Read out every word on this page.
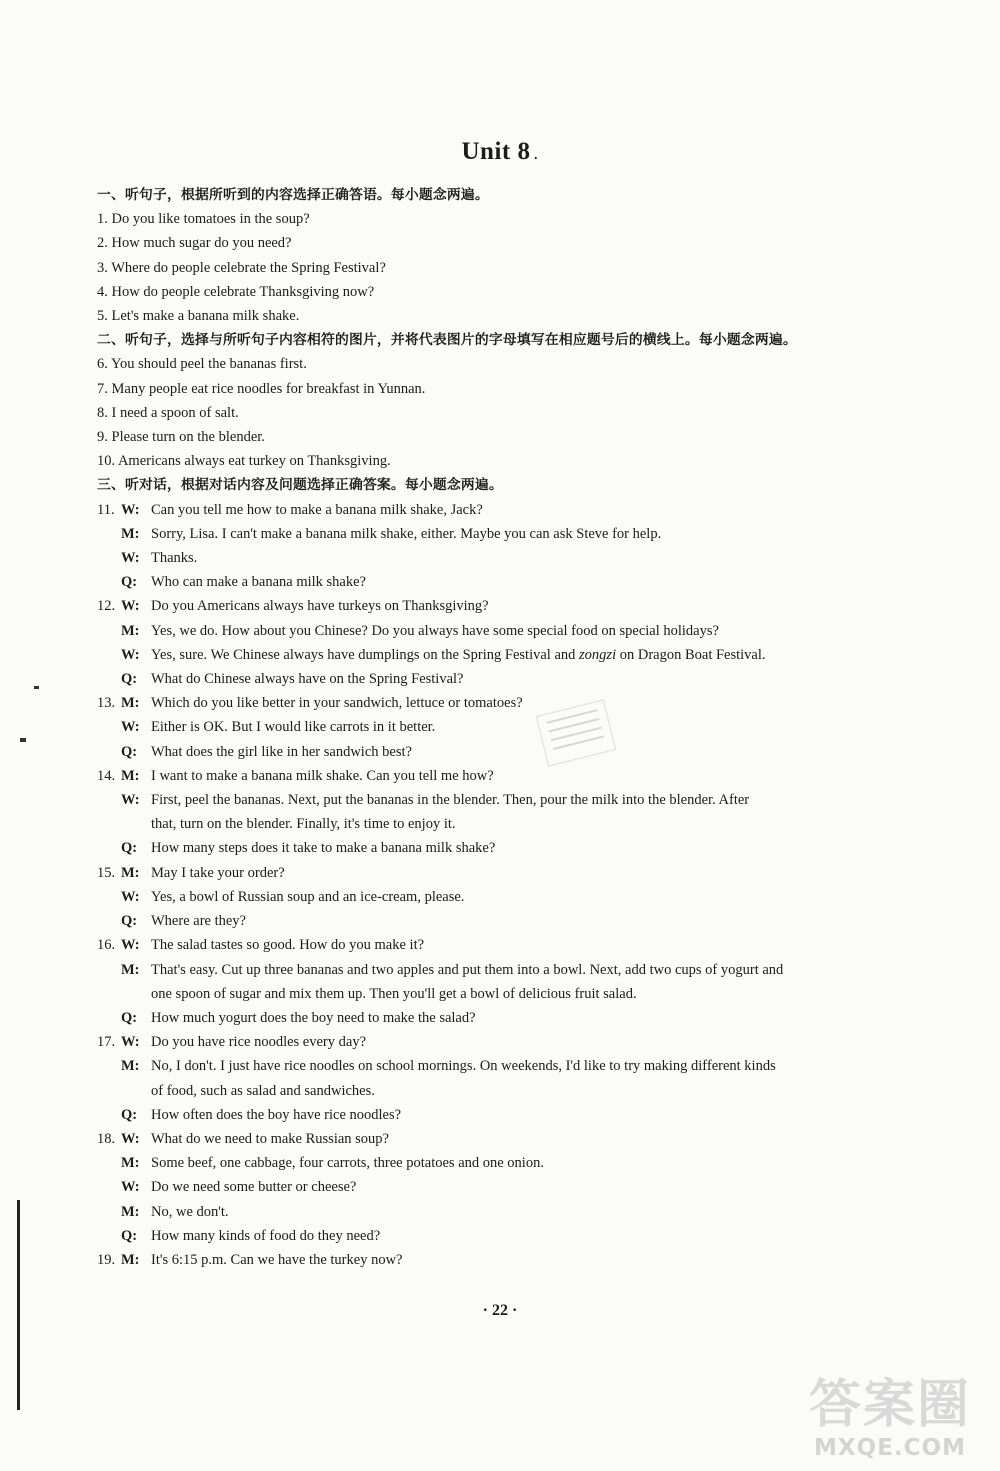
Unit 8 .
一、听句子，根据所听到的内容选择正确答语。每小题念两遍。
1. Do you like tomatoes in the soup?
2. How much sugar do you need?
3. Where do people celebrate the Spring Festival?
4. How do people celebrate Thanksgiving now?
5. Let's make a banana milk shake.
二、听句子，选择与所听句子内容相符的图片，并将代表图片的字母填写在相应题号后的横线上。每小题念两遍。
6. You should peel the bananas first.
7. Many people eat rice noodles for breakfast in Yunnan.
8. I need a spoon of salt.
9. Please turn on the blender.
10. Americans always eat turkey on Thanksgiving.
三、听对话，根据对话内容及问题选择正确答案。每小题念两遍。
11. W: Can you tell me how to make a banana milk shake, Jack?
M: Sorry, Lisa. I can't make a banana milk shake, either. Maybe you can ask Steve for help.
W: Thanks.
Q: Who can make a banana milk shake?
12. W: Do you Americans always have turkeys on Thanksgiving?
M: Yes, we do. How about you Chinese? Do you always have some special food on special holidays?
W: Yes, sure. We Chinese always have dumplings on the Spring Festival and zongzi on Dragon Boat Festival.
Q: What do Chinese always have on the Spring Festival?
13. M: Which do you like better in your sandwich, lettuce or tomatoes?
W: Either is OK. But I would like carrots in it better.
Q: What does the girl like in her sandwich best?
14. M: I want to make a banana milk shake. Can you tell me how?
W: First, peel the bananas. Next, put the bananas in the blender. Then, pour the milk into the blender. After
that, turn on the blender. Finally, it's time to enjoy it.
Q: How many steps does it take to make a banana milk shake?
15. M: May I take your order?
W: Yes, a bowl of Russian soup and an ice-cream, please.
Q: Where are they?
16. W: The salad tastes so good. How do you make it?
M: That's easy. Cut up three bananas and two apples and put them into a bowl. Next, add two cups of yogurt and
one spoon of sugar and mix them up. Then you'll get a bowl of delicious fruit salad.
Q: How much yogurt does the boy need to make the salad?
17. W: Do you have rice noodles every day?
M: No, I don't. I just have rice noodles on school mornings. On weekends, I'd like to try making different kinds
of food, such as salad and sandwiches.
Q: How often does the boy have rice noodles?
18. W: What do we need to make Russian soup?
M: Some beef, one cabbage, four carrots, three potatoes and one onion.
W: Do we need some butter or cheese?
M: No, we don't.
Q: How many kinds of food do they need?
19. M: It's 6:15 p.m. Can we have the turkey now?
· 22 ·
答案圈
MXQE.COM
